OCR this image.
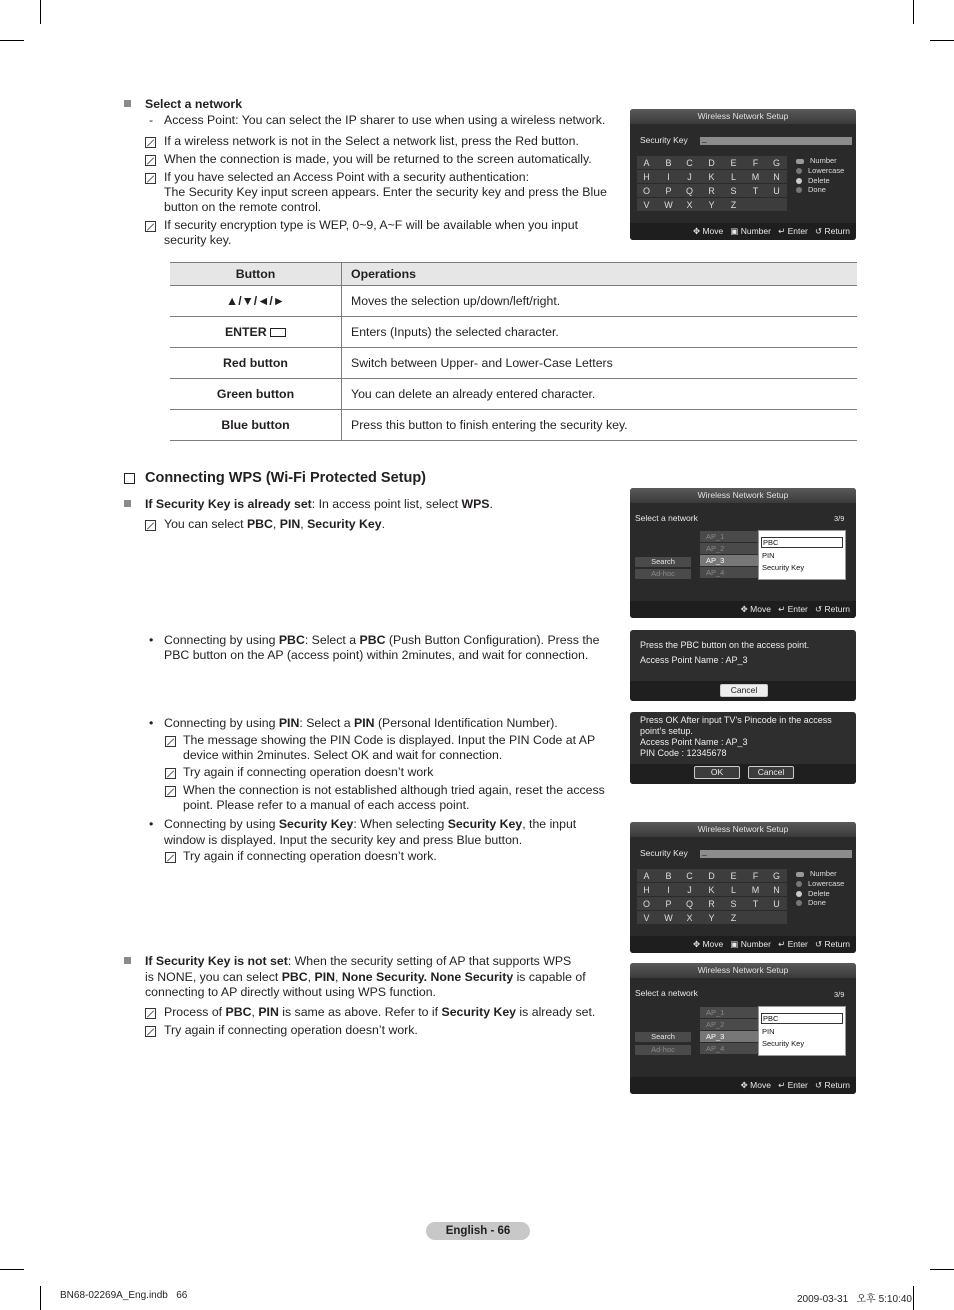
Select a network
- Access Point: You can select the IP sharer to use when using a wireless network.
If a wireless network is not in the Select a network list, press the Red button.
When the connection is made, you will be returned to the screen automatically.
If you have selected an Access Point with a security authentication:
The Security Key input screen appears. Enter the security key and press the Blue
button on the remote control.
If security encryption type is WEP, 0~9, A~F will be available when you input
security key.
Wireless Network Setup
Security Key _
A	B	C	D	E	F	G
H	I	J	K	L	M	N
O	P	Q	R	S	T	U
V	W	X	Y	Z
Number
Lowercase
Delete
Done
✥ Move ▣ Number ↵ Enter ↺ Return
Button	Operations
▲/▼/◄/►	Moves the selection up/down/left/right.
ENTER	Enters (Inputs) the selected character.
Red button	Switch between Upper- and Lower-Case Letters
Green button	You can delete an already entered character.
Blue button	Press this button to finish entering the security key.
Connecting WPS (Wi-Fi Protected Setup)
If Security Key is already set: In access point list, select WPS.
You can select PBC, PIN, Security Key.
• Connecting by using PBC: Select a PBC (Push Button Configuration). Press the
PBC button on the AP (access point) within 2minutes, and wait for connection.
• Connecting by using PIN: Select a PIN (Personal Identification Number).
The message showing the PIN Code is displayed. Input the PIN Code at AP
device within 2minutes. Select OK and wait for connection.
Try again if connecting operation doesn’t work
When the connection is not established although tried again, reset the access
point. Please refer to a manual of each access point.
• Connecting by using Security Key: When selecting Security Key, the input
window is displayed. Input the security key and press Blue button.
Try again if connecting operation doesn’t work.
If Security Key is not set: When the security setting of AP that supports WPS
is NONE, you can select PBC, PIN, None Security. None Security is capable of
connecting to AP directly without using WPS function.
Process of PBC, PIN is same as above. Refer to if Security Key is already set.
Try again if connecting operation doesn’t work.
Wireless Network Setup
Select a network	3/9
AP_1
AP_2
AP_3
AP_4
Search
Ad-hoc
PBC
PIN
Security Key
✥ Move ↵ Enter ↺ Return
Press the PBC button on the access point.
Access Point Name : AP_3
Cancel
Press OK After input TV’s Pincode in the access
point’s setup.
Access Point Name : AP_3
PIN Code : 12345678
OK	Cancel
Wireless Network Setup
Security Key _
A	B	C	D	E	F	G
H	I	J	K	L	M	N
O	P	Q	R	S	T	U
V	W	X	Y	Z
Number
Lowercase
Delete
Done
✥ Move ▣ Number ↵ Enter ↺ Return
Wireless Network Setup
Select a network	3/9
AP_1
AP_2
AP_3
AP_4
Search
Ad-hoc
PBC
PIN
Security Key
✥ Move ↵ Enter ↺ Return
English - 66
BN68-02269A_Eng.indb   66	2009-03-31   오후 5:10:40
